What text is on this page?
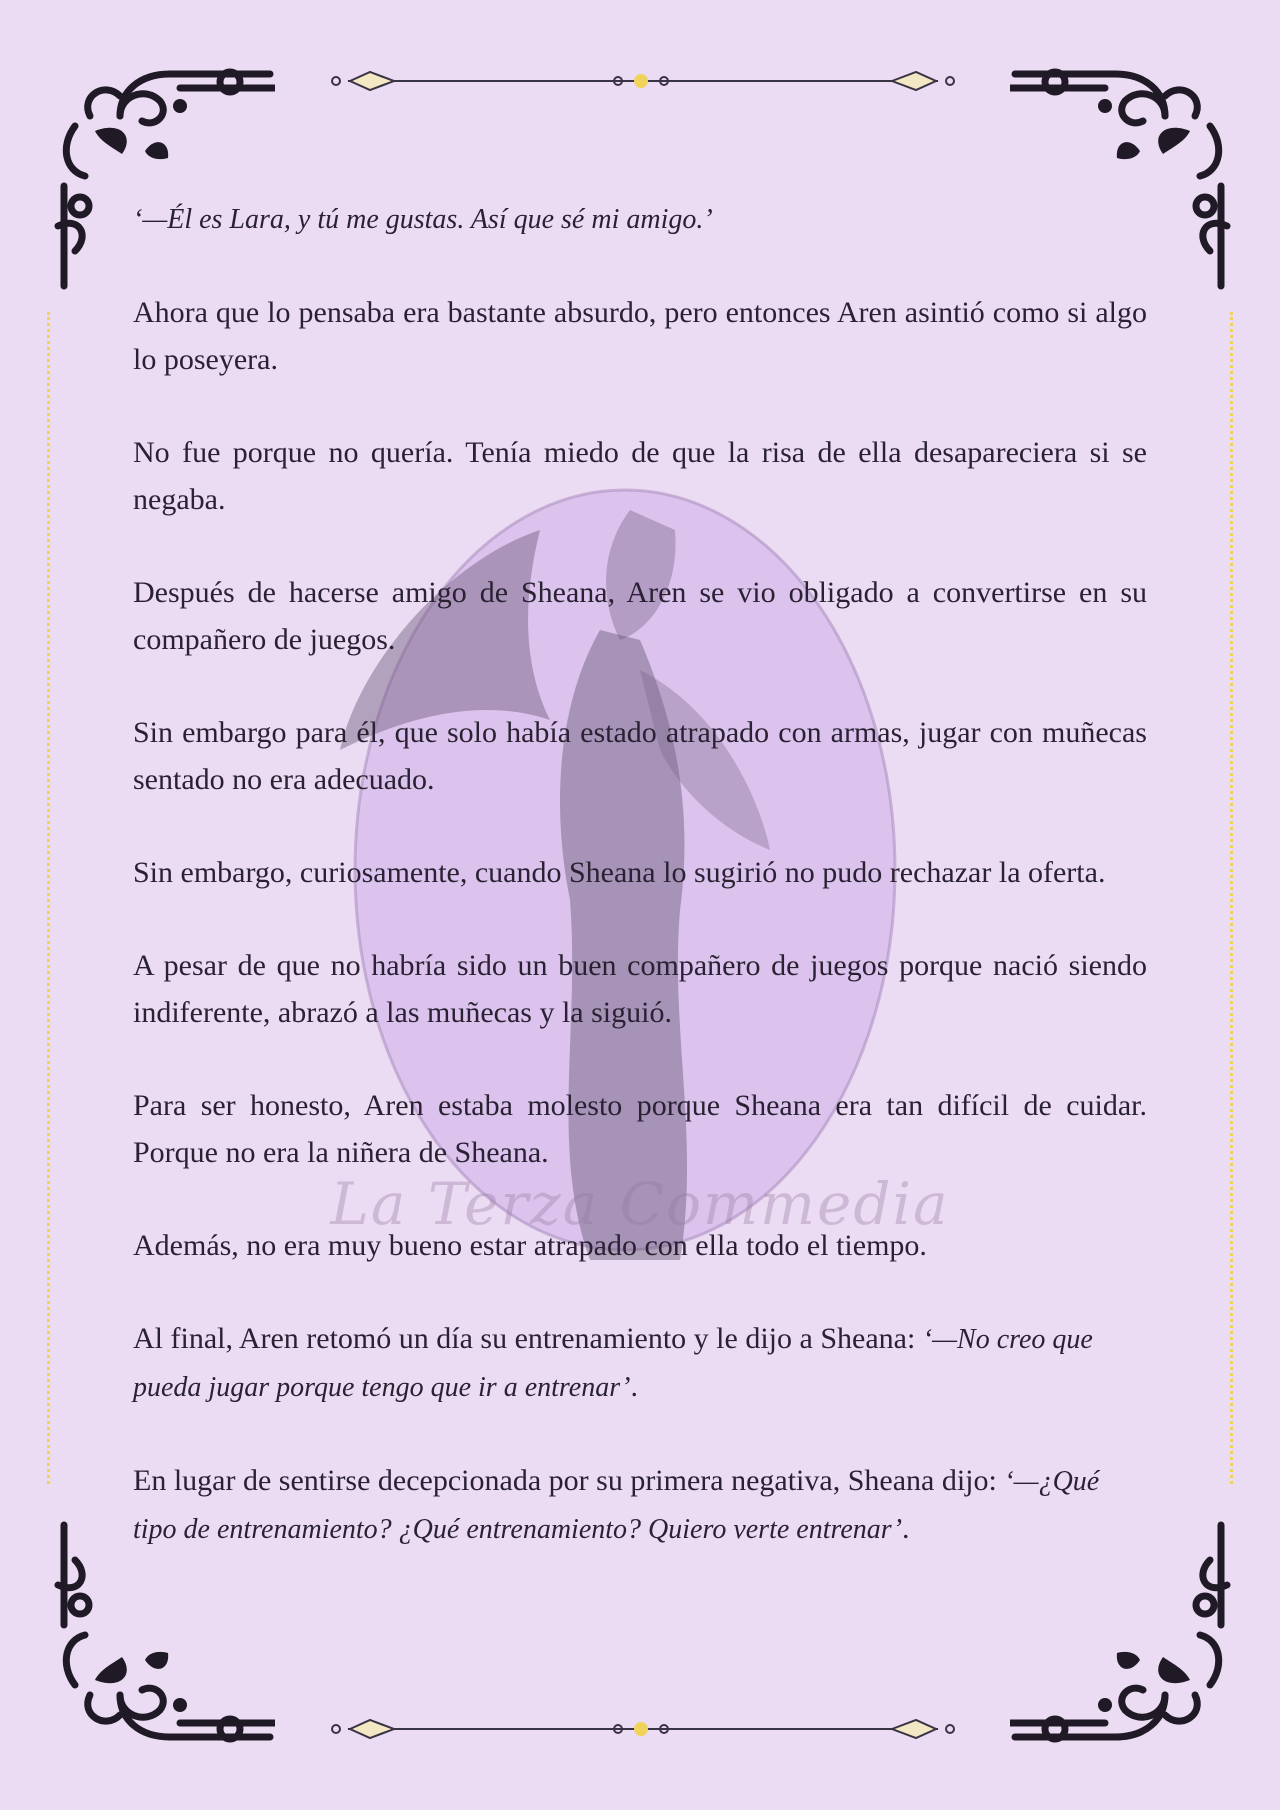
La Terza Commedia

‘—Él es Lara, y tú me gustas. Así que sé mi amigo.’

Ahora que lo pensaba era bastante absurdo, pero entonces Aren asintió como si algo lo poseyera.

No fue porque no quería. Tenía miedo de que la risa de ella desapareciera si se negaba.

Después de hacerse amigo de Sheana, Aren se vio obligado a convertirse en su compañero de juegos.

Sin embargo para él, que solo había estado atrapado con armas, jugar con muñecas sentado no era adecuado.

Sin embargo, curiosamente, cuando Sheana lo sugirió no pudo rechazar la oferta.

A pesar de que no habría sido un buen compañero de juegos porque nació siendo indiferente, abrazó a las muñecas y la siguió.

Para ser honesto, Aren estaba molesto porque Sheana era tan difícil de cuidar. Porque no era la niñera de Sheana.

Además, no era muy bueno estar atrapado con ella todo el tiempo.

Al final, Aren retomó un día su entrenamiento y le dijo a Sheana: ‘—No creo que pueda jugar porque tengo que ir a entrenar’.

En lugar de sentirse decepcionada por su primera negativa, Sheana dijo: ‘—¿Qué tipo de entrenamiento? ¿Qué entrenamiento? Quiero verte entrenar’.
